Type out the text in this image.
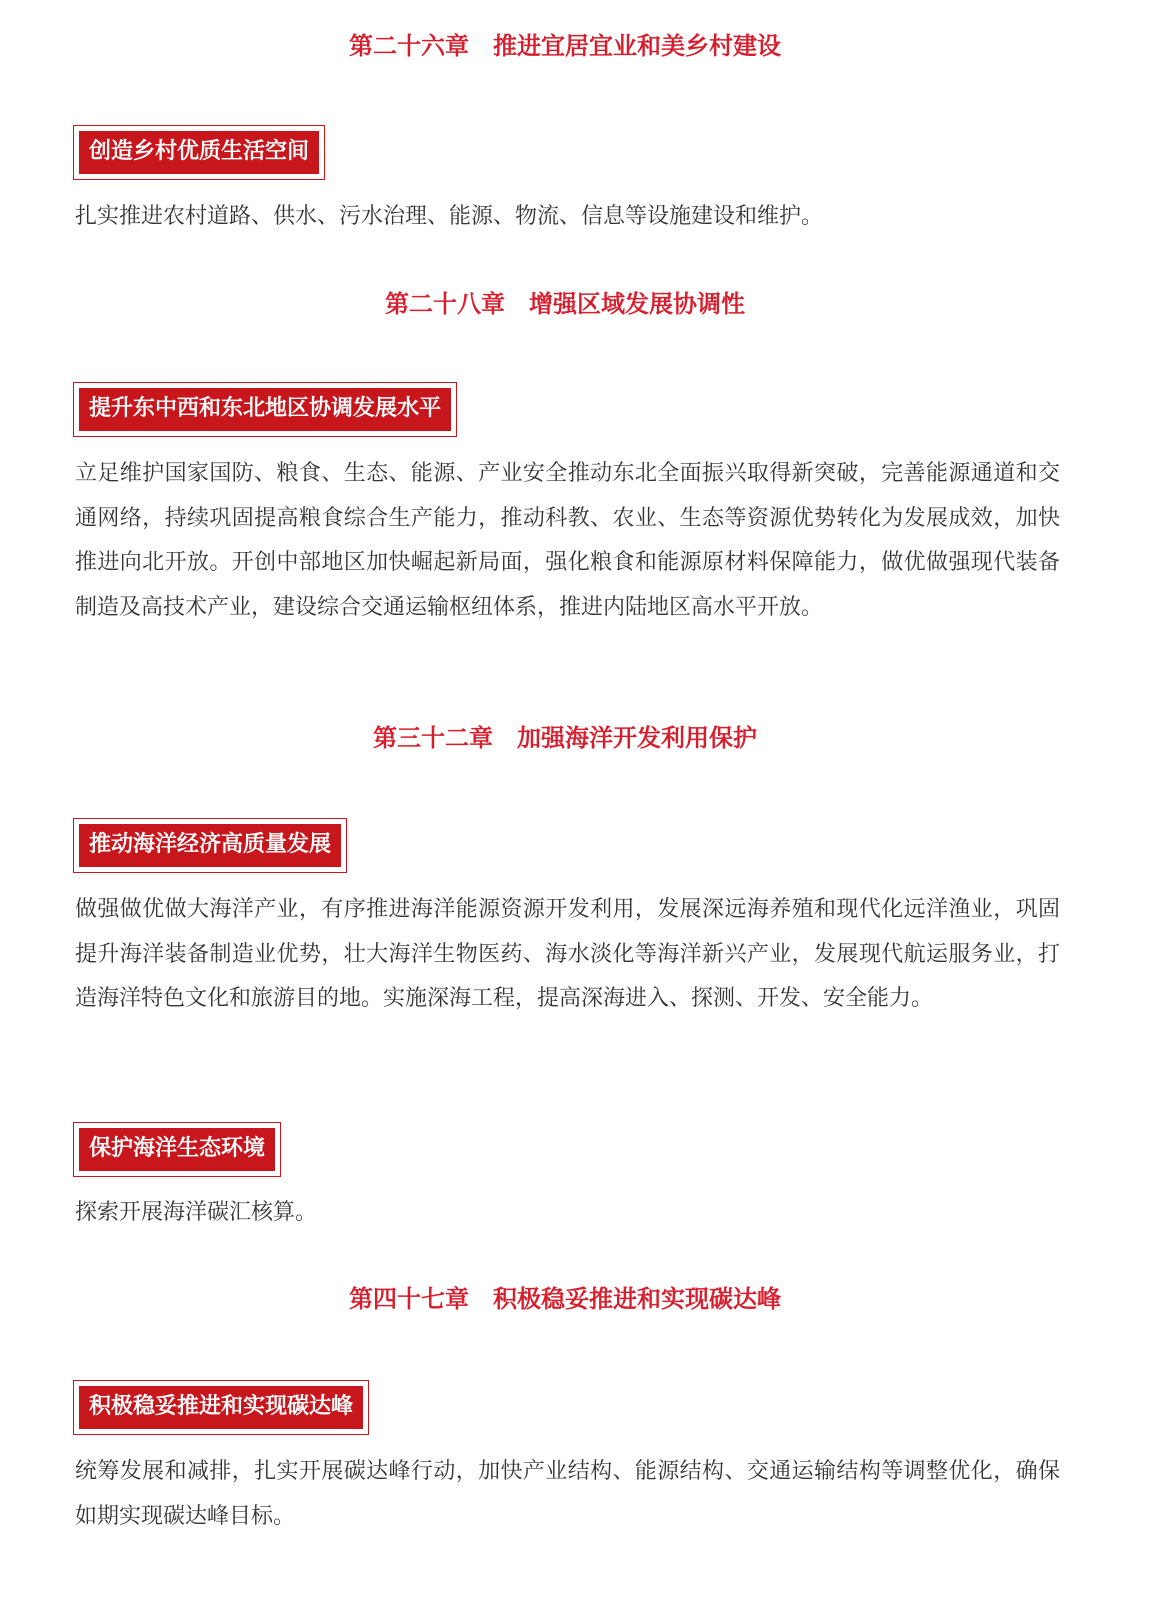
第二十六章　推进宜居宜业和美乡村建设
创造乡村优质生活空间

扎实推进农村道路、供水、污水治理、能源、物流、信息等设施建设和维护。

第二十八章　增强区域发展协调性
提升东中西和东北地区协调发展水平

立足维护国家国防、粮食、生态、能源、产业安全推动东北全面振兴取得新突破，完善能源通道和交通网络，持续巩固提高粮食综合生产能力，推动科教、农业、生态等资源优势转化为发展成效，加快推进向北开放。开创中部地区加快崛起新局面，强化粮食和能源原材料保障能力，做优做强现代装备制造及高技术产业，建设综合交通运输枢纽体系，推进内陆地区高水平开放。

第三十二章　加强海洋开发利用保护
推动海洋经济高质量发展

做强做优做大海洋产业，有序推进海洋能源资源开发利用，发展深远海养殖和现代化远洋渔业，巩固提升海洋装备制造业优势，壮大海洋生物医药、海水淡化等海洋新兴产业，发展现代航运服务业，打造海洋特色文化和旅游目的地。实施深海工程，提高深海进入、探测、开发、安全能力。

保护海洋生态环境

探索开展海洋碳汇核算。

第四十七章　积极稳妥推进和实现碳达峰
积极稳妥推进和实现碳达峰

统筹发展和减排，扎实开展碳达峰行动，加快产业结构、能源结构、交通运输结构等调整优化，确保如期实现碳达峰目标。
